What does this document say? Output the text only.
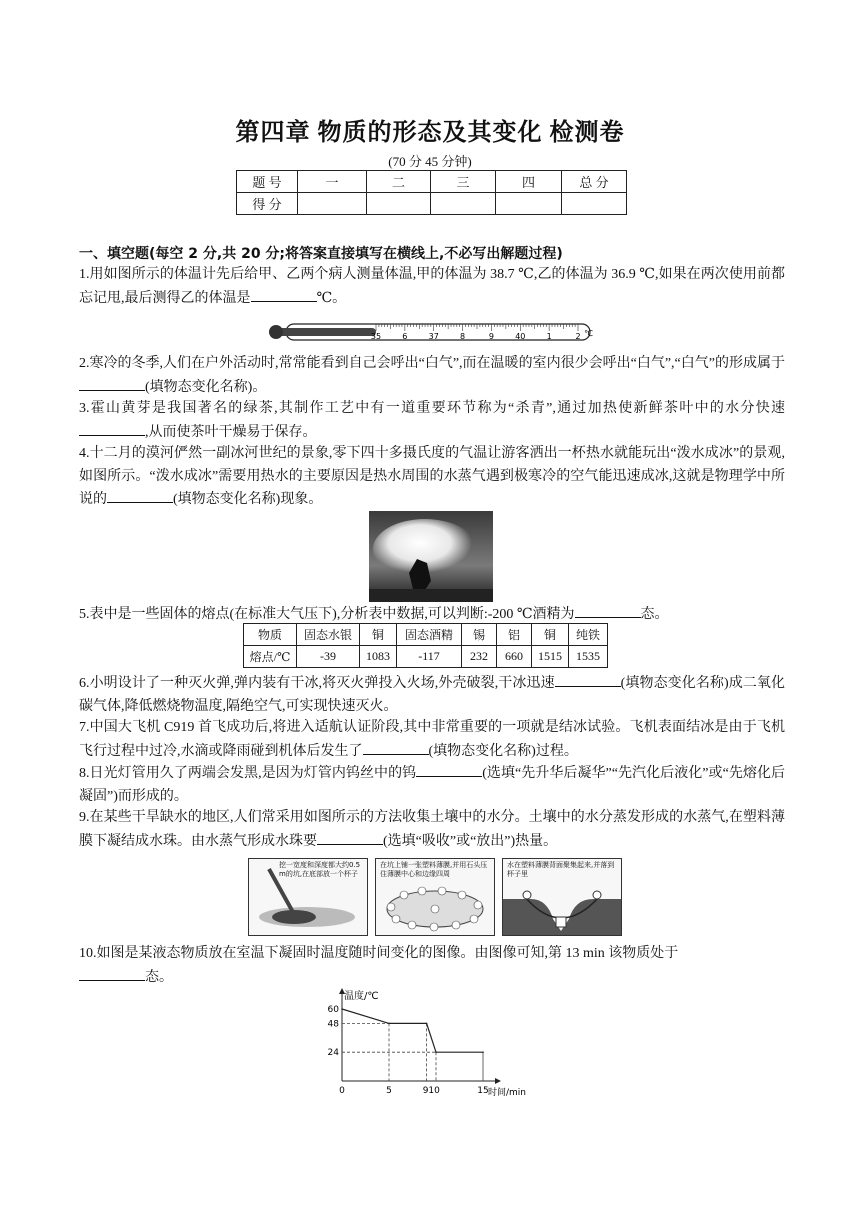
第四章 物质的形态及其变化 检测卷
(70 分 45 分钟)
题 号	一	二	三	四	总 分
得 分					
一、填空题(每空 2 分,共 20 分;将答案直接填写在横线上,不必写出解题过程)
1.用如图所示的体温计先后给甲、乙两个病人测量体温,甲的体温为 38.7 ℃,乙的体温为 36.9 ℃,如果在两次使用前都忘记甩,最后测得乙的体温是	℃。
35	6	37	8	9	40	1	2 ℃
2.寒冷的冬季,人们在户外活动时,常常能看到自己会呼出“白气”,而在温暖的室内很少会呼出“白气”,“白气”的形成属于(填物态变化名称)。
3.霍山黄芽是我国著名的绿茶,其制作工艺中有一道重要环节称为“杀青”,通过加热使新鲜茶叶中的水分快速,从而使茶叶干燥易于保存。
4.十二月的漠河俨然一副冰河世纪的景象,零下四十多摄氏度的气温让游客洒出一杯热水就能玩出“泼水成冰”的景观,如图所示。“泼水成冰”需要用热水的主要原因是热水周围的水蒸气遇到极寒冷的空气能迅速成冰,这就是物理学中所说的	(填物态变化名称)现象。
5.表中是一些固体的熔点(在标准大气压下),分析表中数据,可以判断:-200 ℃酒精为	态。
物质	固态水银	铜	固态酒精	锡	铝	铜	纯铁
熔点/℃	-39	1083	-117	232	660	1515	1535
6.小明设计了一种灭火弹,弹内装有干冰,将灭火弹投入火场,外壳破裂,干冰迅速	(填物态变化名称)成二氧化碳气体,降低燃烧物温度,隔绝空气,可实现快速灭火。
7.中国大飞机 C919 首飞成功后,将进入适航认证阶段,其中非常重要的一项就是结冰试验。飞机表面结冰是由于飞机飞行过程中过冷,水滴或降雨碰到机体后发生了	(填物态变化名称)过程。
8.日光灯管用久了两端会发黑,是因为灯管内钨丝中的钨	(选填“先升华后凝华”“先汽化后液化”或“先熔化后凝固”)而形成的。
9.在某些干旱缺水的地区,人们常采用如图所示的方法收集土壤中的水分。土壤中的水分蒸发形成的水蒸气,在塑料薄膜下凝结成水珠。由水蒸气形成水珠要	(选填“吸收”或“放出”)热量。
挖一宽度和深度都大约0.5 m的坑,在底部放一个杯子
在坑上铺一张塑料薄膜,并用石头压住薄膜中心和边缘四周
水在塑料薄膜背面聚集起来,并落到杯子里
10.如图是某液态物质放在室温下凝固时温度随时间变化的图像。由图像可知,第 13 min 该物质处于
态。
温度/℃
时间/min
60
48
24
0	5	910	15
